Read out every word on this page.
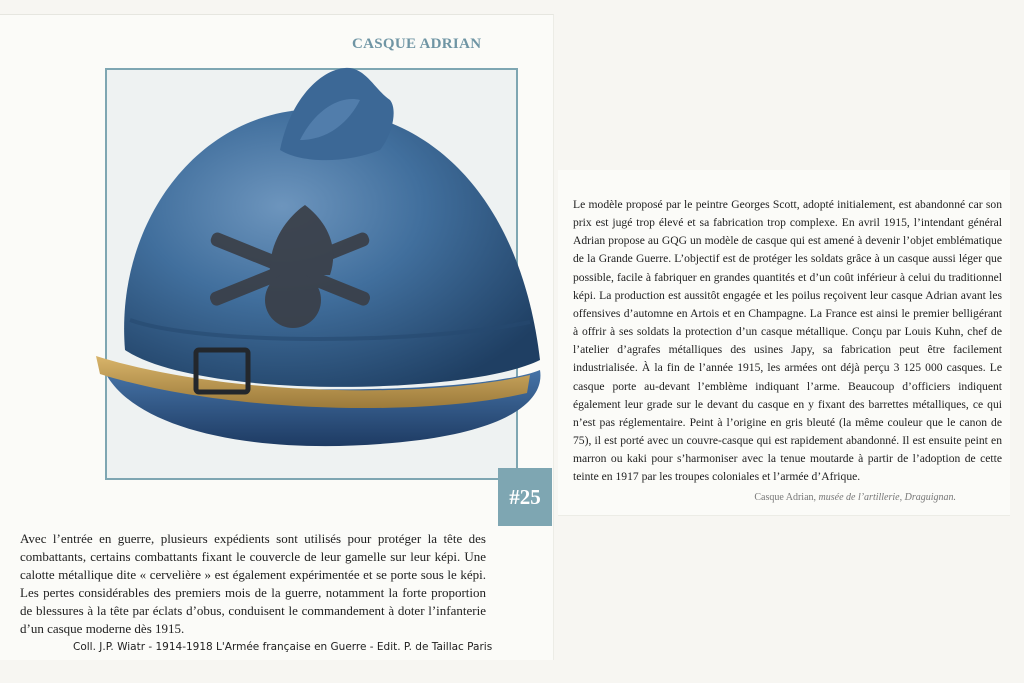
CASQUE ADRIAN
Casque Adrian, musée de l’artillerie, Draguignan.
#25
Avec l’entrée en guerre, plusieurs expédients sont utilisés pour protéger la tête des combattants, certains combattants fixant le couvercle de leur gamelle sur leur képi. Une calotte métallique dite « cervelière » est également expérimentée et se porte sous le képi. Les pertes considérables des premiers mois de la guerre, notamment la forte proportion de blessures à la tête par éclats d’obus, conduisent le commandement à doter l’infanterie d’un casque moderne dès 1915.
Coll. J.P. Wiatr - 1914-1918 L'Armée française en Guerre - Edit. P. de Taillac Paris
Le modèle proposé par le peintre Georges Scott, adopté initialement, est abandonné car son prix est jugé trop élevé et sa fabrication trop complexe. En avril 1915, l’intendant général Adrian propose au GQG un modèle de casque qui est amené à devenir l’objet emblématique de la Grande Guerre. L’objectif est de protéger les soldats grâce à un casque aussi léger que possible, facile à fabriquer en grandes quantités et d’un coût inférieur à celui du traditionnel képi. La production est aussitôt engagée et les poilus reçoivent leur casque Adrian avant les offensives d’automne en Artois et en Champagne. La France est ainsi le premier belligérant à offrir à ses soldats la protection d’un casque métallique. Conçu par Louis Kuhn, chef de l’atelier d’agrafes métalliques des usines Japy, sa fabrication peut être facilement industrialisée. À la fin de l’année 1915, les armées ont déjà perçu 3 125 000 casques. Le casque porte au-devant l’emblème indiquant l’arme. Beaucoup d’officiers indiquent également leur grade sur le devant du casque en y fixant des barrettes métalliques, ce qui n’est pas réglementaire. Peint à l’origine en gris bleuté (la même couleur que le canon de 75), il est porté avec un couvre-casque qui est rapidement abandonné. Il est ensuite peint en marron ou kaki pour s’harmoniser avec la tenue moutarde à partir de l’adoption de cette teinte en 1917 par les troupes coloniales et l’armée d’Afrique.
